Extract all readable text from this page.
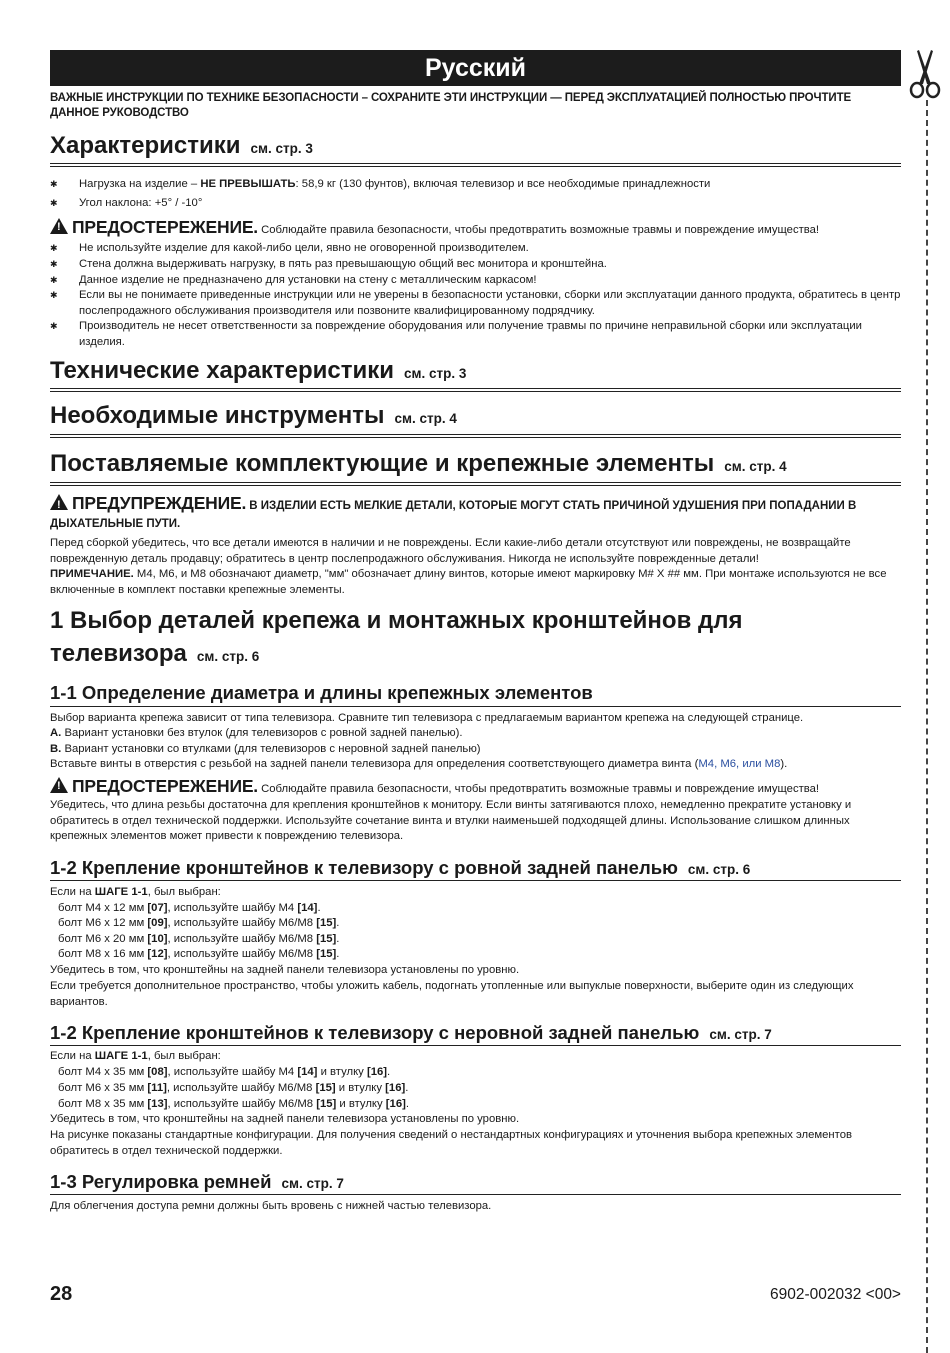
Русский
ВАЖНЫЕ ИНСТРУКЦИИ ПО ТЕХНИКЕ БЕЗОПАСНОСТИ – СОХРАНИТЕ ЭТИ ИНСТРУКЦИИ — ПЕРЕД ЭКСПЛУАТАЦИЕЙ ПОЛНОСТЬЮ ПРОЧТИТЕ ДАННОЕ РУКОВОДСТВО
Характеристики см. стр. 3
✱ Нагрузка на изделие – НЕ ПРЕВЫШАТЬ: 58,9 кг (130 фунтов), включая телевизор и все необходимые принадлежности
✱ Угол наклона: +5° / -10°
!ПРЕДОСТЕРЕЖЕНИЕ. Соблюдайте правила безопасности, чтобы предотвратить возможные травмы и повреждение имущества!
✱ Не используйте изделие для какой-либо цели, явно не оговоренной производителем.
✱ Стена должна выдерживать нагрузку, в пять раз превышающую общий вес монитора и кронштейна.
✱ Данное изделие не предназначено для установки на стену с металлическим каркасом!
✱ Если вы не понимаете приведенные инструкции или не уверены в безопасности установки, сборки или эксплуатации данного продукта, обратитесь в центр послепродажного обслуживания производителя или позвоните квалифицированному подрядчику.
✱ Производитель не несет ответственности за повреждение оборудования или получение травмы по причине неправильной сборки или эксплуатации изделия.
Технические характеристики см. стр. 3
Необходимые инструменты см. стр. 4
Поставляемые комплектующие и крепежные элементы см. стр. 4
!ПРЕДУПРЕЖДЕНИЕ. В ИЗДЕЛИИ ЕСТЬ МЕЛКИЕ ДЕТАЛИ, КОТОРЫЕ МОГУТ СТАТЬ ПРИЧИНОЙ УДУШЕНИЯ ПРИ ПОПАДАНИИ В ДЫХАТЕЛЬНЫЕ ПУТИ.
Перед сборкой убедитесь, что все детали имеются в наличии и не повреждены. Если какие-либо детали отсутствуют или повреждены, не возвращайте поврежденную деталь продавцу; обратитесь в центр послепродажного обслуживания. Никогда не используйте поврежденные детали!
ПРИМЕЧАНИЕ. M4, M6, и M8 обозначают диаметр, "мм" обозначает длину винтов, которые имеют маркировку M# X ## мм. При монтаже используются не все включенные в комплект поставки крепежные элементы.
1 Выбор деталей крепежа и монтажных кронштейнов для
телевизора см. стр. 6
1-1 Определение диаметра и длины крепежных элементов
Выбор варианта крепежа зависит от типа телевизора. Сравните тип телевизора с предлагаемым вариантом крепежа на следующей странице.
A. Вариант установки без втулок (для телевизоров с ровной задней панелью).
B. Вариант установки со втулками (для телевизоров с неровной задней панелью)
Вставьте винты в отверстия с резьбой на задней панели телевизора для определения соответствующего диаметра винта (M4, M6, или M8).
!ПРЕДОСТЕРЕЖЕНИЕ. Соблюдайте правила безопасности, чтобы предотвратить возможные травмы и повреждение имущества!
Убедитесь, что длина резьбы достаточна для крепления кронштейнов к монитору. Если винты затягиваются плохо, немедленно прекратите установку и обратитесь в отдел технической поддержки. Используйте сочетание винта и втулки наименьшей подходящей длины. Использование слишком длинных крепежных элементов может привести к повреждению телевизора.
1-2 Крепление кронштейнов к телевизору с ровной задней панелью см. стр. 6
Если на ШАГЕ 1-1, был выбран:
болт M4 x 12 мм [07], используйте шайбу M4 [14].
болт M6 x 12 мм [09], используйте шайбу M6/M8 [15].
болт M6 x 20 мм [10], используйте шайбу M6/M8 [15].
болт M8 x 16 мм [12], используйте шайбу M6/M8 [15].
Убедитесь в том, что кронштейны на задней панели телевизора установлены по уровню.
Если требуется дополнительное пространство, чтобы уложить кабель, подогнать утопленные или выпуклые поверхности, выберите один из следующих вариантов.
1-2 Крепление кронштейнов к телевизору с неровной задней панелью см. стр. 7
Если на ШАГЕ 1-1, был выбран:
болт M4 x 35 мм [08], используйте шайбу M4 [14] и втулку [16].
болт M6 x 35 мм [11], используйте шайбу M6/M8 [15] и втулку [16].
болт M8 x 35 мм [13], используйте шайбу M6/M8 [15] и втулку [16].
Убедитесь в том, что кронштейны на задней панели телевизора установлены по уровню.
На рисунке показаны стандартные конфигурации. Для получения сведений о нестандартных конфигурациях и уточнения выбора крепежных элементов обратитесь в отдел технической поддержки.
1-3 Регулировка ремней см. стр. 7
Для облегчения доступа ремни должны быть вровень с нижней частью телевизора.
28	6902-002032 <00>
